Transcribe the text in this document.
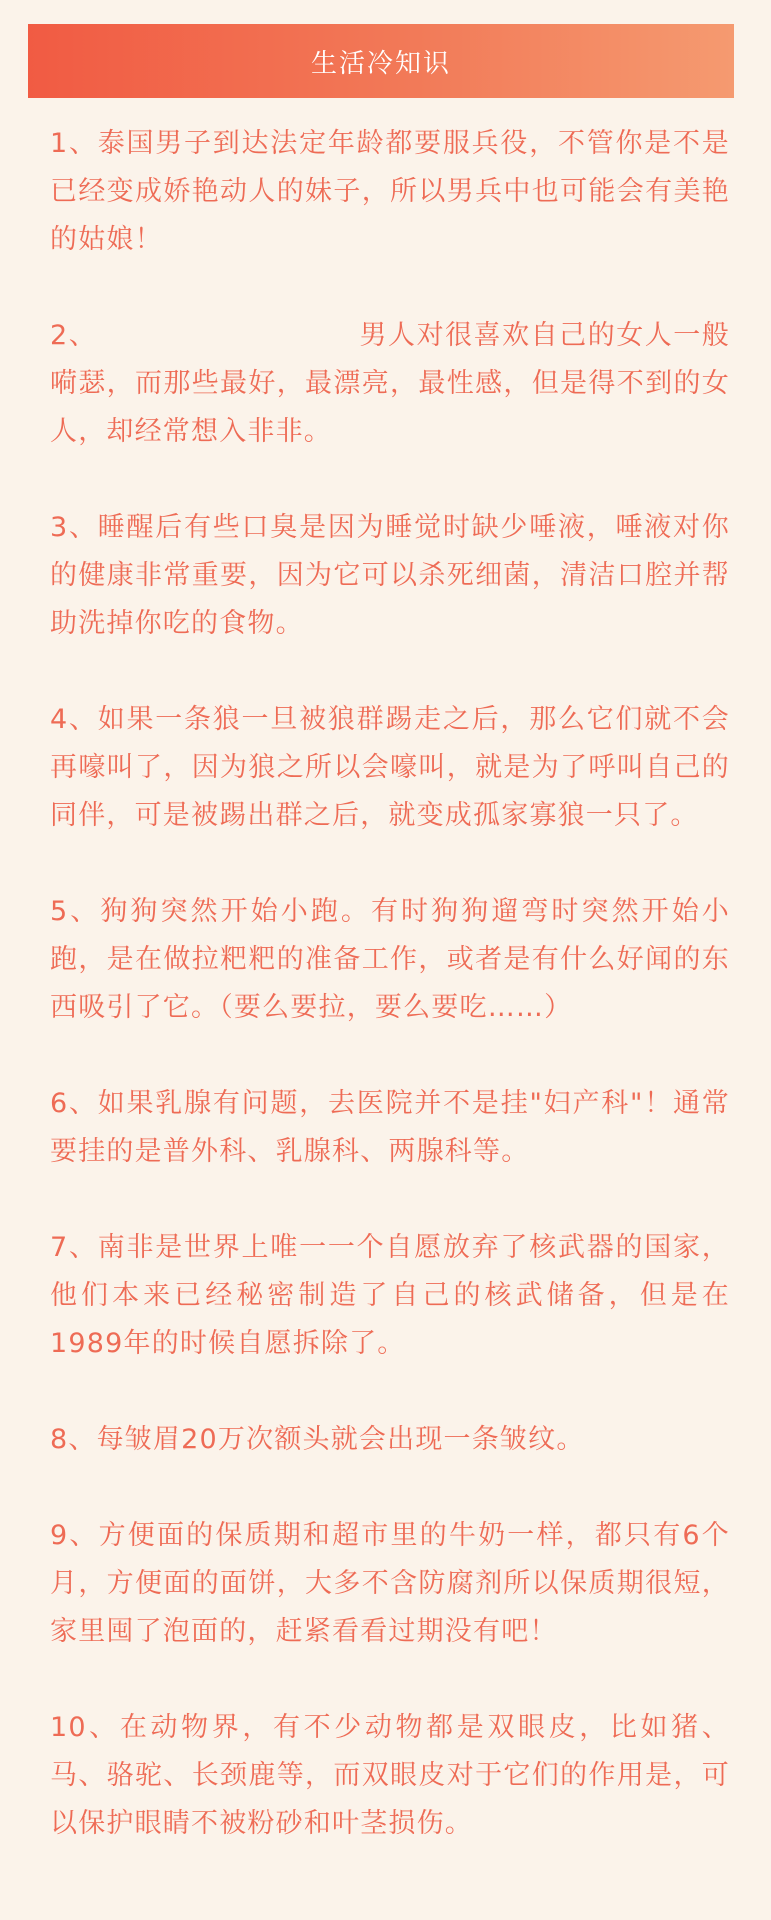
生活冷知识

1、泰国男子到达法定年龄都要服兵役，不管你是不是已经变成娇艳动人的妹子，所以男兵中也可能会有美艳的姑娘！

2、	男人对很喜欢自己的女人一般嗬瑟，而那些最好，最漂亮，最性感，但是得不到的女人，却经常想入非非。

3、睡醒后有些口臭是因为睡觉时缺少唾液，唾液对你的健康非常重要，因为它可以杀死细菌，清洁口腔并帮助洗掉你吃的食物。

4、如果一条狼一旦被狼群踢走之后，那么它们就不会再嚎叫了，因为狼之所以会嚎叫，就是为了呼叫自己的同伴，可是被踢出群之后，就变成孤家寡狼一只了。

5、狗狗突然开始小跑。有时狗狗遛弯时突然开始小跑，是在做拉粑粑的准备工作，或者是有什么好闻的东西吸引了它。（要么要拉，要么要吃……）

6、如果乳腺有问题，去医院并不是挂"妇产科"！通常要挂的是普外科、乳腺科、两腺科等。

7、南非是世界上唯一一个自愿放弃了核武器的国家，他们本来已经秘密制造了自己的核武储备，但是在1989年的时候自愿拆除了。

8、每皱眉20万次额头就会出现一条皱纹。

9、方便面的保质期和超市里的牛奶一样，都只有6个月，方便面的面饼，大多不含防腐剂所以保质期很短，家里囤了泡面的，赶紧看看过期没有吧！

10、在动物界，有不少动物都是双眼皮，比如猪、马、骆驼、长颈鹿等，而双眼皮对于它们的作用是，可以保护眼睛不被粉砂和叶茎损伤。
